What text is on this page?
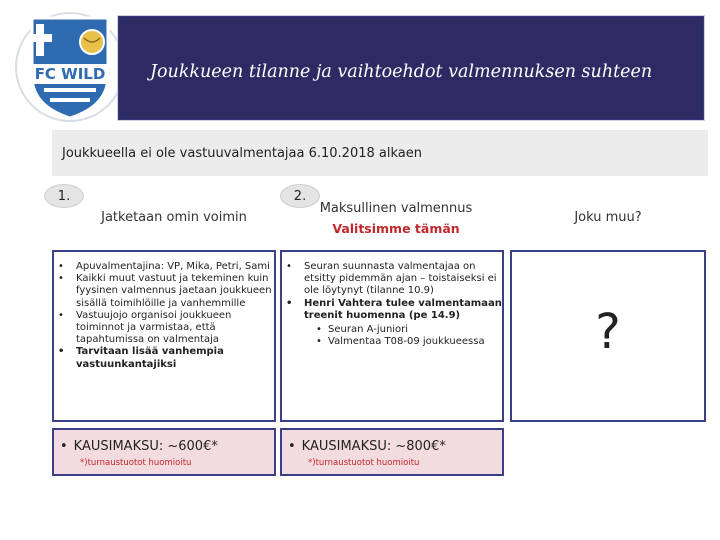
FC WILD	Joukkueen tilanne ja vaihtoehdot valmennuksen suhteen
Joukkueella ei ole vastuuvalmentajaa 6.10.2018 alkaen
1.
Jatketaan omin voimin
• Apuvalmentajina: VP, Mika, Petri, Sami
• Kaikki muut vastuut ja tekeminen kuin fyysinen valmennus jaetaan joukkueen sisällä toimihlöille ja vanhemmille
• Vastuujojo organisoi joukkueen toiminnot ja varmistaa, että tapahtumissa on valmentaja
• Tarvitaan lisää vanhempia vastuunkantajiksi
• KAUSIMAKSU: ~600€*
*)turnaustuotot huomioitu
2.
Maksullinen valmennus
Valitsimme tämän
• Seuran suunnasta valmentajaa on etsitty pidemmän ajan – toistaiseksi ei ole löytynyt (tilanne 10.9)
• Henri Vahtera tulee valmentamaan treenit huomenna (pe 14.9)
• Seuran A-juniori
• Valmentaa T08-09 joukkueessa
• KAUSIMAKSU: ~800€*
*)turnaustuotot huomioitu
Joku muu?
?
